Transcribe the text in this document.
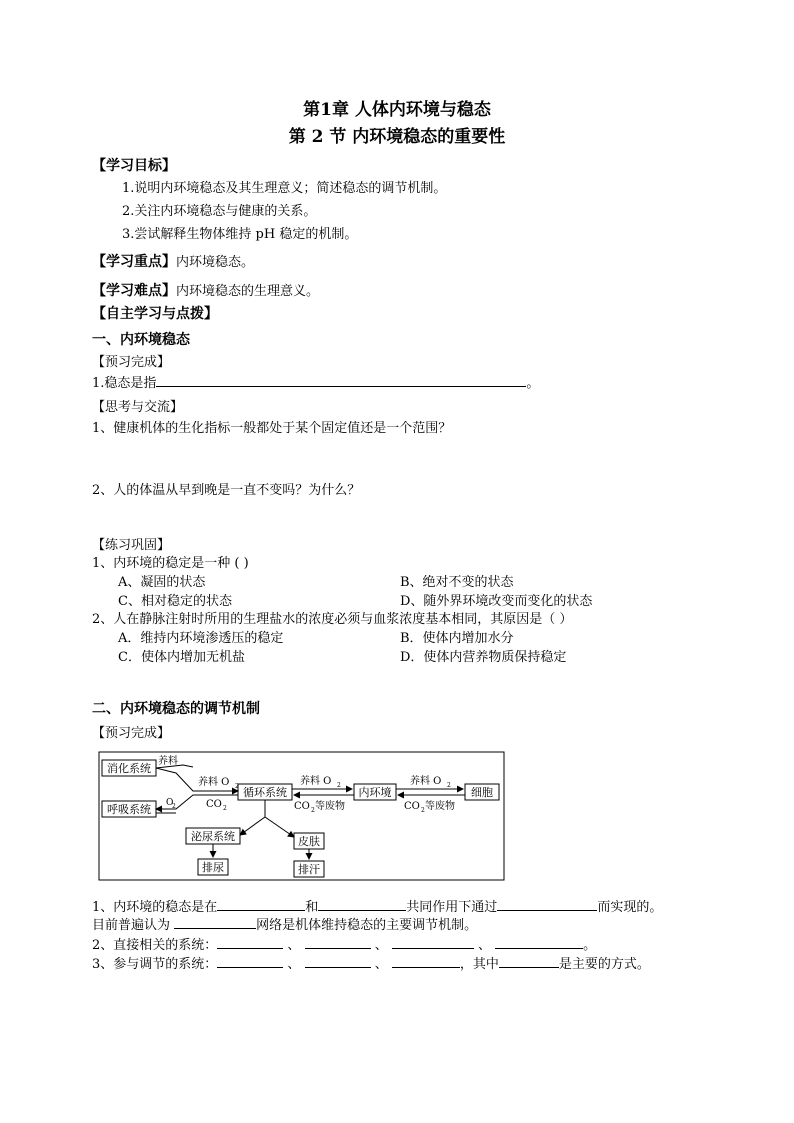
第1章 人体内环境与稳态
第 2 节 内环境稳态的重要性
【学习目标】
1.说明内环境稳态及其生理意义；简述稳态的调节机制。
2.关注内环境稳态与健康的关系。
3.尝试解释生物体维持 pH 稳定的机制。
【学习重点】内环境稳态。
【学习难点】内环境稳态的生理意义。
【自主学习与点拨】
一、内环境稳态
【预习完成】
1.稳态是指	。
【思考与交流】
1、健康机体的生化指标一般都处于某个固定值还是一个范围？
2、人的体温从早到晚是一直不变吗？为什么？
【练习巩固】
1、内环境的稳定是一种 ( )
A、凝固的状态	B、绝对不变的状态
C、相对稳定的状态	D、随外界环境改变而变化的状态
2、人在静脉注射时所用的生理盐水的浓度必须与血浆浓度基本相同，其原因是（ ）
A．维持内环境渗透压的稳定	B．使体内增加水分
C．使体内增加无机盐	D．使体内营养物质保持稳定
二、内环境稳态的调节机制
【预习完成】
消化系统
呼吸系统
循环系统	内环境	细胞
泌尿系统	皮肤
排尿	排汗
养料
O
2
养料 O 2
CO 2
养料 O 2
CO 2 等废物
养料 O 2
CO 2 等废物
1、内环境的稳态是在	和	共同作用下通过	而实现的。
目前普遍认为	网络是机体维持稳态的主要调节机制。
2、直接相关的系统：	、	、	、	。
3、参与调节的系统：	、	、	，其中	是主要的方式。
